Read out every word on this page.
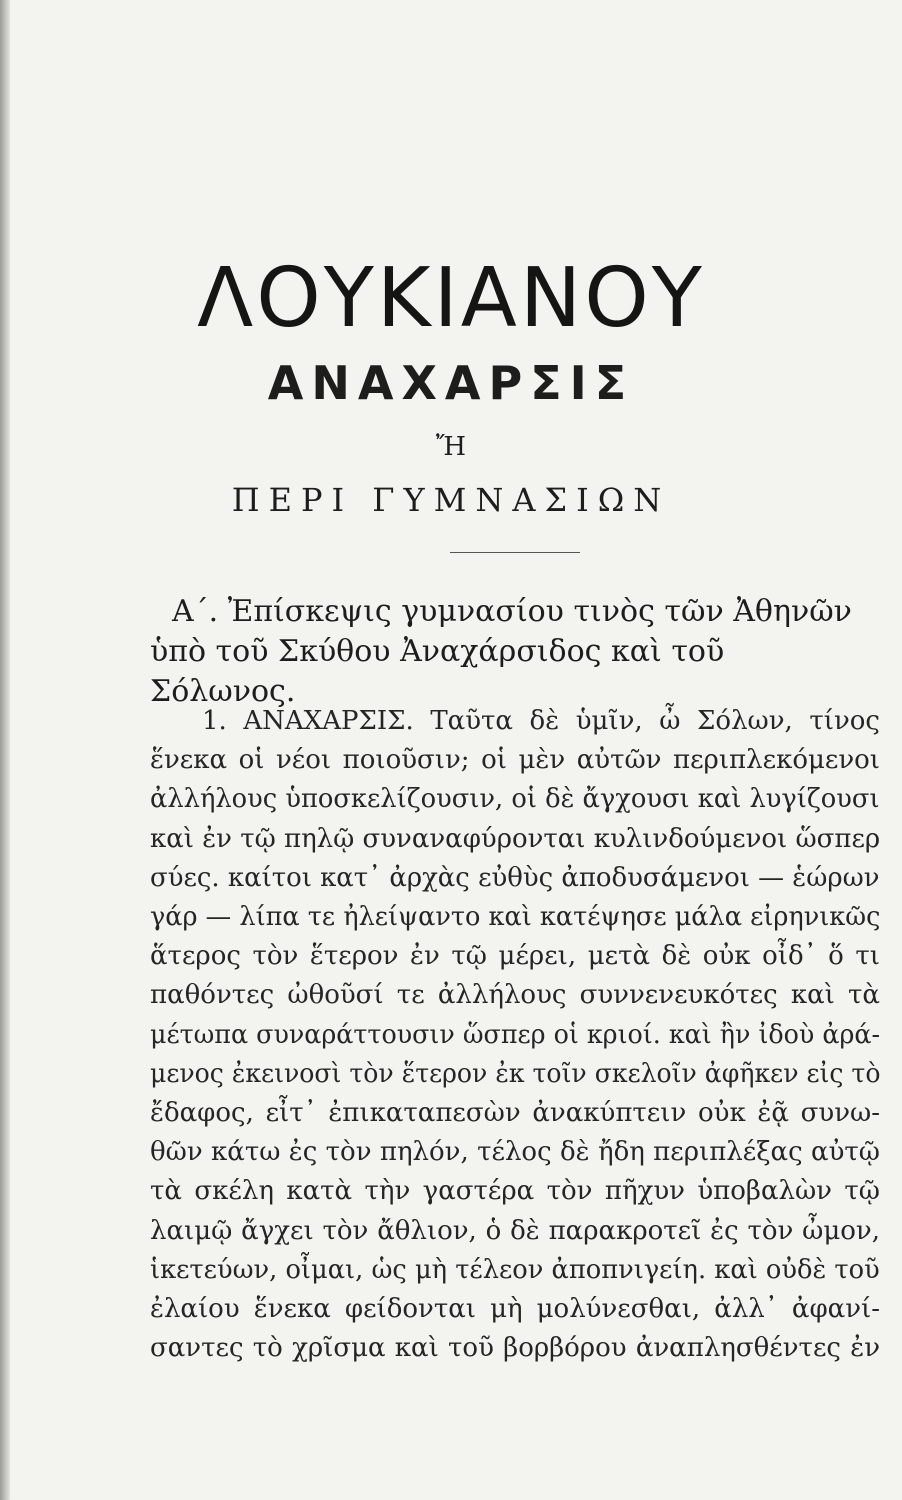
ΛΟΥΚΙΑΝΟΥ
ΑΝΑΧΑΡΣΙΣ
Ἤ
ΠΕΡΙ ΓΥΜΝΑΣΙΩΝ
Α΄. Ἐπίσκεψις γυμνασίου τινὸς τῶν Ἀθηνῶν
ὑπὸ τοῦ Σκύθου Ἀναχάρσιδος καὶ τοῦ Σόλωνος.
1. ΑΝΑΧΑΡΣΙΣ. Ταῦτα δὲ ὑμῖν, ὦ Σόλων, τίνος
ἕνεκα οἱ νέοι ποιοῦσιν; οἱ μὲν αὐτῶν περιπλεκόμενοι
ἀλλήλους ὑποσκελίζουσιν, οἱ δὲ ἄγχουσι καὶ λυγίζουσι
καὶ ἐν τῷ πηλῷ συναναφύρονται κυλινδούμενοι ὥσπερ
σύες. καίτοι κατ᾽ ἀρχὰς εὐθὺς ἀποδυσάμενοι — ἑώρων
γάρ — λίπα τε ἠλείψαντο καὶ κατέψησε μάλα εἰρηνικῶς
ἅτερος τὸν ἕτερον ἐν τῷ μέρει, μετὰ δὲ οὐκ οἶδ᾽ ὅ τι
παθόντες ὠθοῦσί τε ἀλλήλους συννενευκότες καὶ τὰ
μέτωπα συναράττουσιν ὥσπερ οἱ κριοί. καὶ ἢν ἰδοὺ ἀρά-
μενος ἐκεινοσὶ τὸν ἕτερον ἐκ τοῖν σκελοῖν ἀφῆκεν εἰς τὸ
ἔδαφος, εἶτ᾽ ἐπικαταπεσὼν ἀνακύπτειν οὐκ ἐᾷ συνω-
θῶν κάτω ἐς τὸν πηλόν, τέλος δὲ ἤδη περιπλέξας αὐτῷ
τὰ σκέλη κατὰ τὴν γαστέρα τὸν πῆχυν ὑποβαλὼν τῷ
λαιμῷ ἄγχει τὸν ἄθλιον, ὁ δὲ παρακροτεῖ ἐς τὸν ὦμον,
ἱκετεύων, οἶμαι, ὡς μὴ τέλεον ἀποπνιγείη. καὶ οὐδὲ τοῦ
ἐλαίου ἕνεκα φείδονται μὴ μολύνεσθαι, ἀλλ᾽ ἀφανί-
σαντες τὸ χρῖσμα καὶ τοῦ βορβόρου ἀναπλησθέντες ἐν
